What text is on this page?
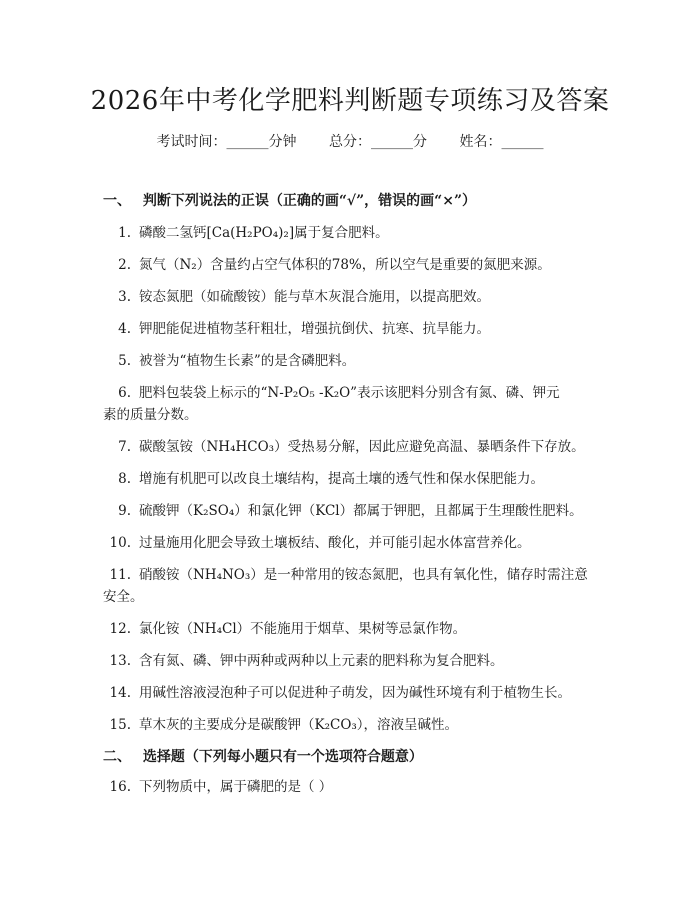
2026年中考化学肥料判断题专项练习及答案
考试时间：______分钟 总分：______分 姓名：______
一、 判断下列说法的正误（正确的画“√”，错误的画“×”）
1. 磷酸二氢钙[Ca(H₂PO₄)₂]属于复合肥料。
2. 氮气（N₂）含量约占空气体积的78%，所以空气是重要的氮肥来源。
3. 铵态氮肥（如硫酸铵）能与草木灰混合施用，以提高肥效。
4. 钾肥能促进植物茎秆粗壮，增强抗倒伏、抗寒、抗旱能力。
5. 被誉为“植物生长素”的是含磷肥料。
6. 肥料包装袋上标示的“N-P₂O₅ -K₂O”表示该肥料分别含有氮、磷、钾元
素的质量分数。
7. 碳酸氢铵（NH₄HCO₃）受热易分解，因此应避免高温、暴晒条件下存放。
8. 增施有机肥可以改良土壤结构，提高土壤的透气性和保水保肥能力。
9. 硫酸钾（K₂SO₄）和氯化钾（KCl）都属于钾肥，且都属于生理酸性肥料。
10. 过量施用化肥会导致土壤板结、酸化，并可能引起水体富营养化。
11. 硝酸铵（NH₄NO₃）是一种常用的铵态氮肥，也具有氧化性，储存时需注意
安全。
12. 氯化铵（NH₄Cl）不能施用于烟草、果树等忌氯作物。
13. 含有氮、磷、钾中两种或两种以上元素的肥料称为复合肥料。
14. 用碱性溶液浸泡种子可以促进种子萌发，因为碱性环境有利于植物生长。
15. 草木灰的主要成分是碳酸钾（K₂CO₃），溶液呈碱性。
二、 选择题（下列每小题只有一个选项符合题意）
16. 下列物质中，属于磷肥的是（ ）
